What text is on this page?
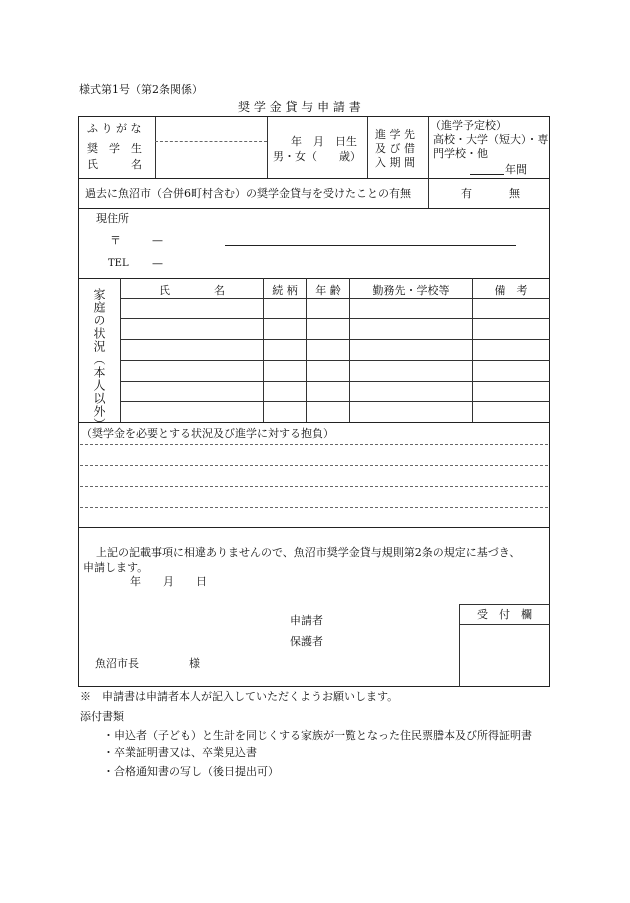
様式第1号（第2条関係）
奨 学 金 貸 与 申 請 書
ふ り が な
奨　学　生
氏　　　名
年　月　日生
男・女（　　歳）
進 学 先
及 び 借
入 期 間
（進学予定校）
高校・大学（短大）・専
門学校・他
年間
過去に魚沼市（合併6町村含む）の奨学金貸与を受けたことの有無	有	無
現住所
〒	—
TEL —
家庭の状況（本人以外）	氏　　　　名	続 柄	年 齢	勤務先・学校等	備　考
（奨学金を必要とする状況及び進学に対する抱負）
上記の記載事項に相違ありませんので、魚沼市奨学金貸与規則第2条の規定に基づき、
申請します。
年　　月　　日
申請者
保護者
魚沼市長	様
受　付　欄
※　申請書は申請者本人が記入していただくようお願いします。
添付書類
・申込者（子ども）と生計を同じくする家族が一覧となった住民票謄本及び所得証明書
・卒業証明書又は、卒業見込書
・合格通知書の写し（後日提出可）
